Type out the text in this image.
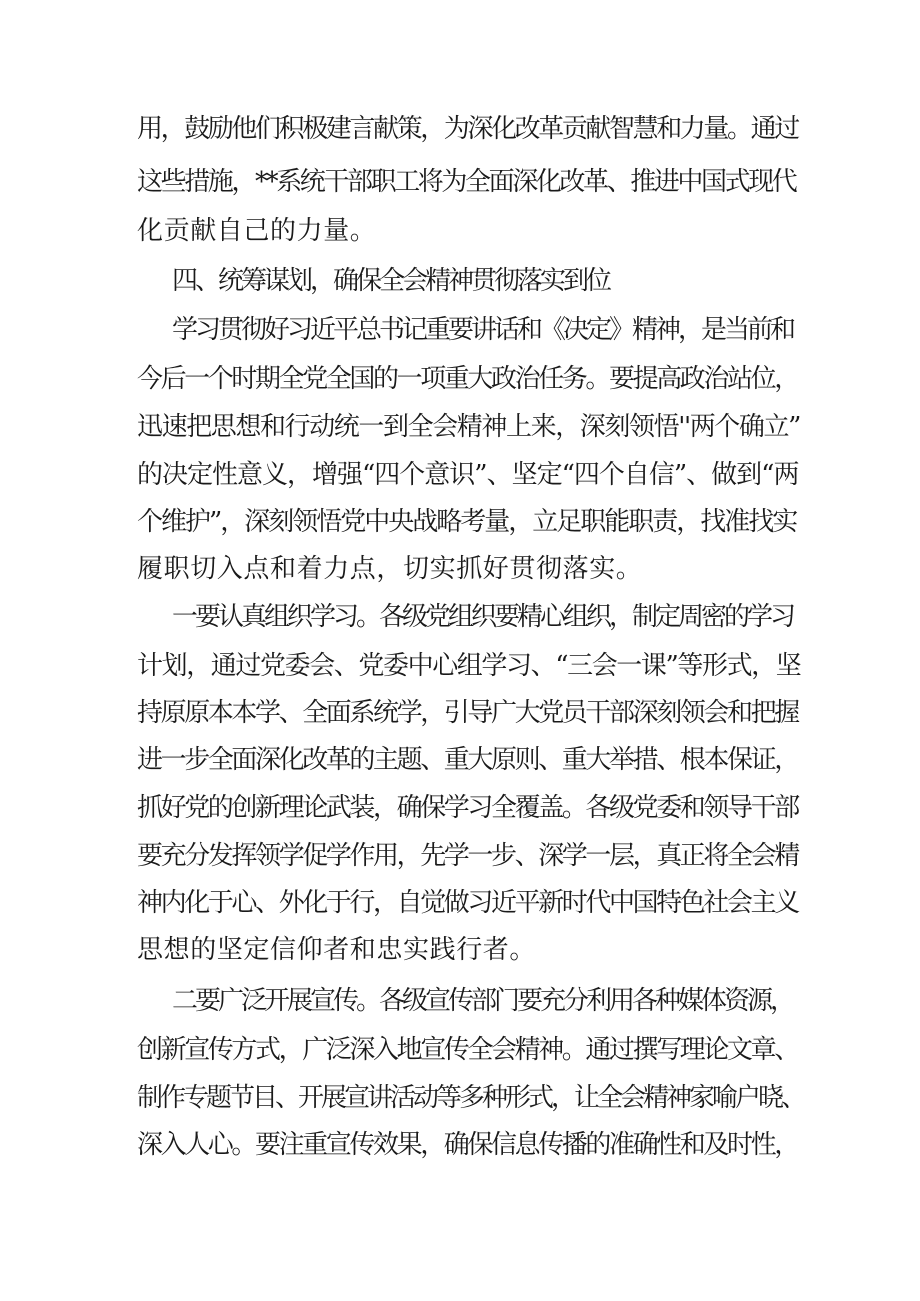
用，鼓励他们积极建言献策，为深化改革贡献智慧和力量。通过
这些措施，**系统干部职工将为全面深化改革、推进中国式现代
化贡献自己的力量。
四、统筹谋划，确保全会精神贯彻落实到位
学习贯彻好习近平总书记重要讲话和《决定》精神，是当前和
今后一个时期全党全国的一项重大政治任务。要提高政治站位，
迅速把思想和行动统一到全会精神上来，深刻领悟''两个确立”
的决定性意义，增强“四个意识”、坚定“四个自信”、做到“两
个维护”，深刻领悟党中央战略考量，立足职能职责，找准找实
履职切入点和着力点，切实抓好贯彻落实。
一要认真组织学习。各级党组织要精心组织，制定周密的学习
计划，通过党委会、党委中心组学习、“三会一课”等形式，坚
持原原本本学、全面系统学，引导广大党员干部深刻领会和把握
进一步全面深化改革的主题、重大原则、重大举措、根本保证，
抓好党的创新理论武装，确保学习全覆盖。各级党委和领导干部
要充分发挥领学促学作用，先学一步、深学一层，真正将全会精
神内化于心、外化于行，自觉做习近平新时代中国特色社会主义
思想的坚定信仰者和忠实践行者。
二要广泛开展宣传。各级宣传部门要充分利用各种媒体资源，
创新宣传方式，广泛深入地宣传全会精神。通过撰写理论文章、
制作专题节目、开展宣讲活动等多种形式，让全会精神家喻户晓、
深入人心。要注重宣传效果，确保信息传播的准确性和及时性，
